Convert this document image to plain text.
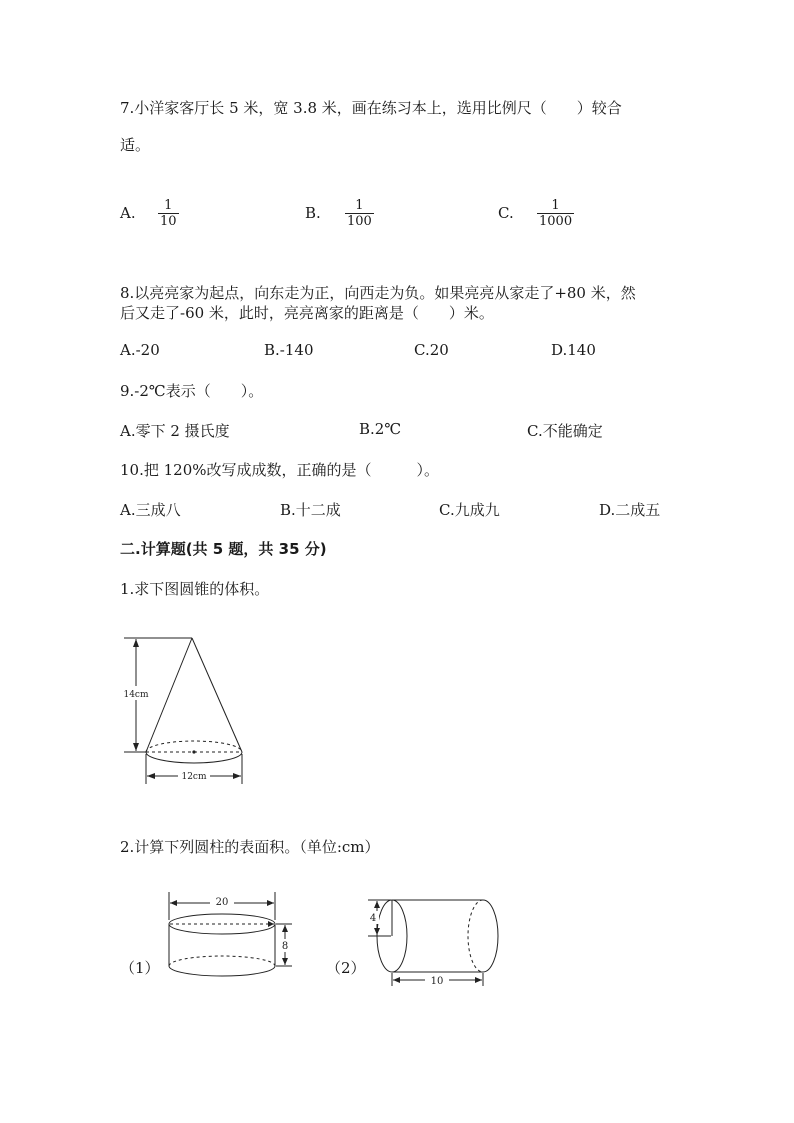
7.小洋家客厅长 5 米，宽 3.8 米，画在练习本上，选用比例尺（　　）较合
适。
A. $\frac{1}{10}$	B. $\frac{1}{100}$	C. $\frac{1}{1000}$
8.以亮亮家为起点，向东走为正，向西走为负。如果亮亮从家走了+80 米，然
后又走了-60 米，此时，亮亮离家的距离是（　　）米。
A.-20	B.-140	C.20	D.140
9.-2℃表示（　　）。
A.零下 2 摄氏度	B.2℃	C.不能确定
10.把 120%改写成成数，正确的是（　　　）。
A.三成八	B.十二成	C.九成九	D.二成五
二.计算题(共 5 题，共 35 分)
1.求下图圆锥的体积。
14cm
12cm
2.计算下列圆柱的表面积。（单位:cm）
（1）
20
8
（2）
4
10
